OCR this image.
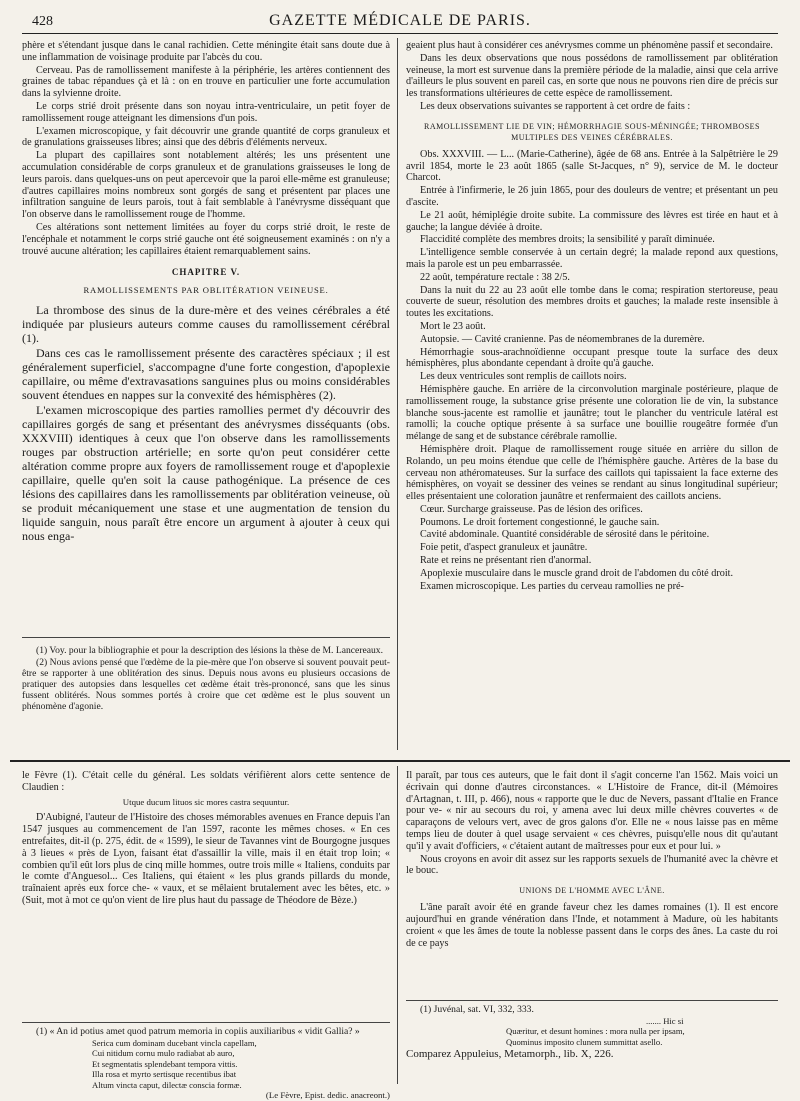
428	GAZETTE MÉDICALE DE PARIS.

phère et s'étendant jusque dans le canal rachidien. Cette méningite était sans doute due à une inflammation de voisinage produite par l'abcès du cou.

Cerveau. Pas de ramollissement manifeste à la périphérie, les artères contiennent des graines de tabac répandues çà et là : on en trouve en particulier une forte accumulation dans la sylvienne droite.

Le corps strié droit présente dans son noyau intra-ventriculaire, un petit foyer de ramollissement rouge atteignant les dimensions d'un pois.

L'examen microscopique, y fait découvrir une grande quantité de corps granuleux et de granulations graisseuses libres; ainsi que des débris d'éléments nerveux.

La plupart des capillaires sont notablement altérés; les uns présentent une accumulation considérable de corps granuleux et de granulations graisseuses le long de leurs parois. dans quelques-uns on peut apercevoir que la paroi elle-même est granuleuse; d'autres capillaires moins nombreux sont gorgés de sang et présentent par places une infiltration sanguine de leurs parois, tout à fait semblable à l'anévrysme disséquant que l'on observe dans le ramollissement rouge de l'homme.

Ces altérations sont nettement limitées au foyer du corps strié droit, le reste de l'encéphale et notamment le corps strié gauche ont été soigneusement examinés : on n'y a trouvé aucune altération; les capillaires étaient remarquablement sains.

CHAPITRE V.

RAMOLLISSEMENTS PAR OBLITÉRATION VEINEUSE.

La thrombose des sinus de la dure-mère et des veines cérébrales a été indiquée par plusieurs auteurs comme causes du ramollissement cérébral (1).

Dans ces cas le ramollissement présente des caractères spéciaux ; il est généralement superficiel, s'accompagne d'une forte congestion, d'apoplexie capillaire, ou même d'extravasations sanguines plus ou moins considérables souvent étendues en nappes sur la convexité des hémisphères (2).

L'examen microscopique des parties ramollies permet d'y découvrir des capillaires gorgés de sang et présentant des anévrysmes disséquants (obs. XXXVIII) identiques à ceux que l'on observe dans les ramollissements rouges par obstruction artérielle; en sorte qu'on peut considérer cette altération comme propre aux foyers de ramollissement rouge et d'apoplexie capillaire, quelle qu'en soit la cause pathogénique. La présence de ces lésions des capillaires dans les ramollissements par oblitération veineuse, où se produit mécaniquement une stase et une augmentation de tension du liquide sanguin, nous paraît être encore un argument à ajouter à ceux qui nous enga-

(1) Voy. pour la bibliographie et pour la description des lésions la thèse de M. Lancereaux.

(2) Nous avions pensé que l'œdème de la pie-mère que l'on observe si souvent pouvait peut-être se rapporter à une oblitération des sinus. Depuis nous avons eu plusieurs occasions de pratiquer des autopsies dans lesquelles cet œdème était très-prononcé, sans que les sinus fussent oblitérés. Nous sommes portés à croire que cet œdème est le plus souvent un phénomène d'agonie.

geaient plus haut à considérer ces anévrysmes comme un phénomène passif et secondaire.

Dans les deux observations que nous possédons de ramollissement par oblitération veineuse, la mort est survenue dans la première période de la maladie, ainsi que cela arrive d'ailleurs le plus souvent en pareil cas, en sorte que nous ne pouvons rien dire de précis sur les transformations ultérieures de cette espèce de ramollissement.

Les deux observations suivantes se rapportent à cet ordre de faits :

RAMOLLISSEMENT LIE DE VIN; HÉMORRHAGIE SOUS-MÉNINGÉE; THROMBOSES MULTIPLES DES VEINES CÉRÉBRALES.

Obs. XXXVIII. — L... (Marie-Catherine), âgée de 68 ans. Entrée à la Salpêtrière le 29 avril 1854, morte le 23 août 1865 (salle St-Jacques, n° 9), service de M. le docteur Charcot.

Entrée à l'infirmerie, le 26 juin 1865, pour des douleurs de ventre; et présentant un peu d'ascite.

Le 21 août, hémiplégie droite subite. La commissure des lèvres est tirée en haut et à gauche; la langue déviée à droite.

Flaccidité complète des membres droits; la sensibilité y paraît diminuée.

L'intelligence semble conservée à un certain degré; la malade repond aux questions, mais la parole est un peu embarrassée.

22 août, température rectale : 38 2/5.

Dans la nuit du 22 au 23 août elle tombe dans le coma; respiration stertoreuse, peau couverte de sueur, résolution des membres droits et gauches; la malade reste insensible à toutes les excitations.

Mort le 23 août.

Autopsie. — Cavité cranienne. Pas de néomembranes de la duremère.

Hémorrhagie sous-arachnoïdienne occupant presque toute la surface des deux hémisphères, plus abondante cependant à droite qu'à gauche.

Les deux ventricules sont remplis de caillots noirs.

Hémisphère gauche. En arrière de la circonvolution marginale postérieure, plaque de ramollissement rouge, la substance grise présente une coloration lie de vin, la substance blanche sous-jacente est ramollie et jaunâtre; tout le plancher du ventricule latéral est ramolli; la couche optique présente à sa surface une bouillie rougeâtre formée d'un mélange de sang et de substance cérébrale ramollie.

Hémisphère droit. Plaque de ramollissement rouge située en arrière du sillon de Rolando, un peu moins étendue que celle de l'hémisphère gauche. Artères de la base du cerveau non athéromateuses. Sur la surface des caillots qui tapissaient la face externe des hémisphères, on voyait se dessiner des veines se rendant au sinus longitudinal supérieur; elles présentaient une coloration jaunâtre et renfermaient des caillots anciens.

Cœur. Surcharge graisseuse. Pas de lésion des orifices.

Poumons. Le droit fortement congestionné, le gauche sain.

Cavité abdominale. Quantité considérable de sérosité dans le péritoine.

Foie petit, d'aspect granuleux et jaunâtre.

Rate et reins ne présentant rien d'anormal.

Apoplexie musculaire dans le muscle grand droit de l'abdomen du côté droit.

Examen microscopique. Les parties du cerveau ramollies ne pré-

le Fèvre (1). C'était celle du général. Les soldats vérifièrent alors cette sentence de Claudien :

Utque ducum lituos sic mores castra sequuntur.

D'Aubigné, l'auteur de l'Histoire des choses mémorables avenues en France depuis l'an 1547 jusques au commencement de l'an 1597, raconte les mêmes choses. « En ces entrefaites, dit-il (p. 275, édit. de « 1599), le sieur de Tavannes vint de Bourgogne jusques à 3 lieues « près de Lyon, faisant état d'assaillir la ville, mais il en était trop loin; « combien qu'il eût lors plus de cinq mille hommes, outre trois mille « Italiens, conduits par le comte d'Anguesol... Ces Italiens, qui étaient « les plus grands pillards du monde, traînaient après eux force che- « vaux, et se mêlaient brutalement avec les bêtes, etc. » (Suit, mot à mot ce qu'on vient de lire plus haut du passage de Théodore de Bèze.)

(1) « An id potius amet quod patrum memoria in copiis auxiliaribus « vidit Gallia? »

Serica cum dominam ducebant vincla capellam,
Cui nitidum cornu mulo radiabat ab auro,
Et segmentatis splendebant tempora vittis.
Illa rosa et myrto sertisque recentibus ibat
Altum vincta caput, dilectæ conscia formæ.

(Le Fèvre, Epist. dedic. anacreont.)

Il paraît, par tous ces auteurs, que le fait dont il s'agit concerne l'an 1562. Mais voici un écrivain qui donne d'autres circonstances. « L'Histoire de France, dit-il (Mémoires d'Artagnan, t. III, p. 466), nous « rapporte que le duc de Nevers, passant d'Italie en France pour ve- « nir au secours du roi, y amena avec lui deux mille chèvres couvertes « de caparaçons de velours vert, avec de gros galons d'or. Elle ne « nous laisse pas en même temps lieu de douter à quel usage servaient « ces chèvres, puisqu'elle nous dit qu'autant qu'il y avait d'officiers, « c'étaient autant de maîtresses pour eux et pour lui. »

Nous croyons en avoir dit assez sur les rapports sexuels de l'humanité avec la chèvre et le bouc.

UNIONS DE L'HOMME AVEC L'ÂNE.

L'âne paraît avoir été en grande faveur chez les dames romaines (1). Il est encore aujourd'hui en grande vénération dans l'Inde, et notamment à Madure, où les habitants croient « que les âmes de toute la noblesse passent dans le corps des ânes. La caste du roi de ce pays

(1) Juvénal, sat. VI, 332, 333.

....... Hic si
Quæritur, et desunt homines : mora nulla per ipsam,
Quominus imposito clunem summittat asello.

Comparez Appuleius, Metamorph., lib. X, 226.
